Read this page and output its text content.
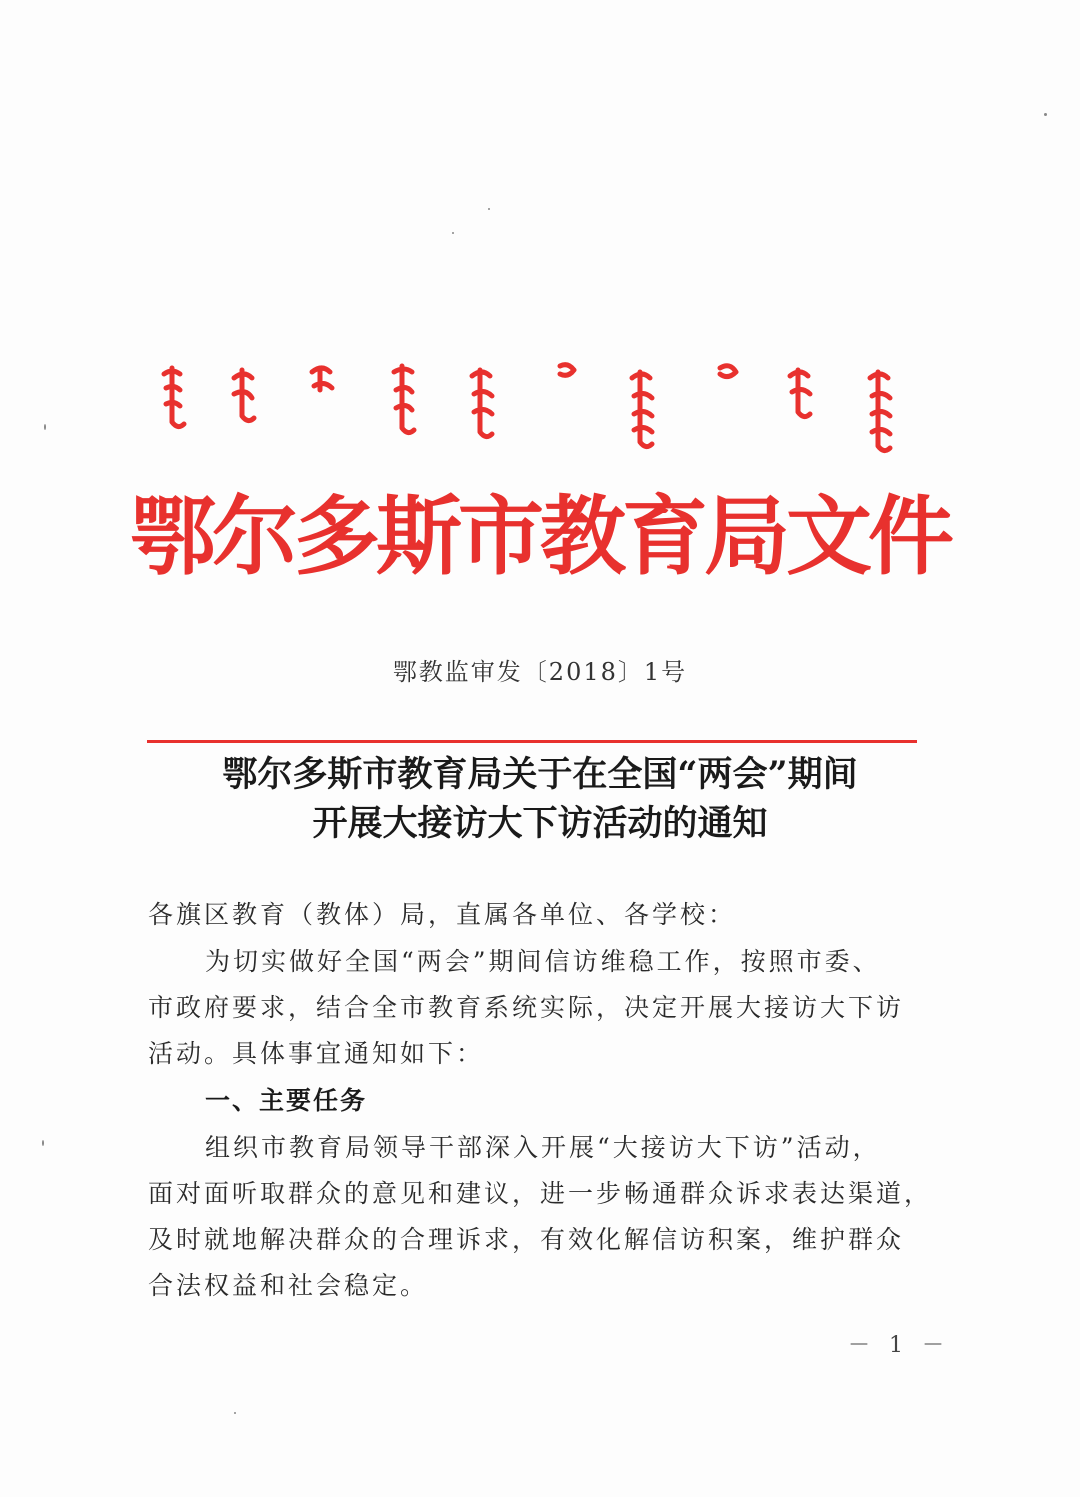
鄂尔多斯市教育局文件
鄂教监审发〔2018〕1号
鄂尔多斯市教育局关于在全国“两会”期间
开展大接访大下访活动的通知
各旗区教育（教体）局，直属各单位、各学校：
为切实做好全国“两会”期间信访维稳工作，按照市委、
市政府要求，结合全市教育系统实际，决定开展大接访大下访
活动。具体事宜通知如下：
一、主要任务
组织市教育局领导干部深入开展“大接访大下访”活动，
面对面听取群众的意见和建议，进一步畅通群众诉求表达渠道，
及时就地解决群众的合理诉求，有效化解信访积案，维护群众
合法权益和社会稳定。
－ 1 －
